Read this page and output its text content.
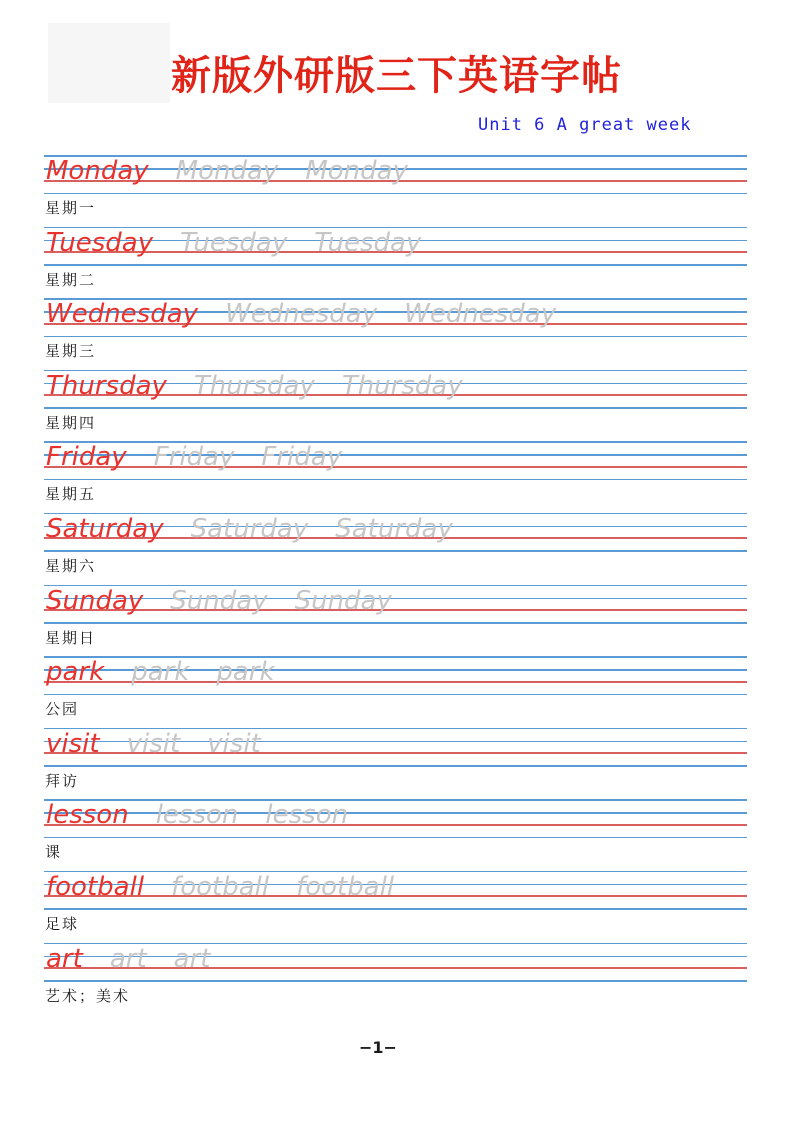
新版外研版三下英语字帖
Unit 6 A great week
Monday Monday Monday
星期一
Tuesday Tuesday Tuesday
星期二
Wednesday Wednesday Wednesday
星期三
Thursday Thursday Thursday
星期四
Friday Friday Friday
星期五
Saturday Saturday Saturday
星期六
Sunday Sunday Sunday
星期日
park park park
公园
visit visit visit
拜访
lesson lesson lesson
课
football football football
足球
art art art
艺术；美术
−1−
